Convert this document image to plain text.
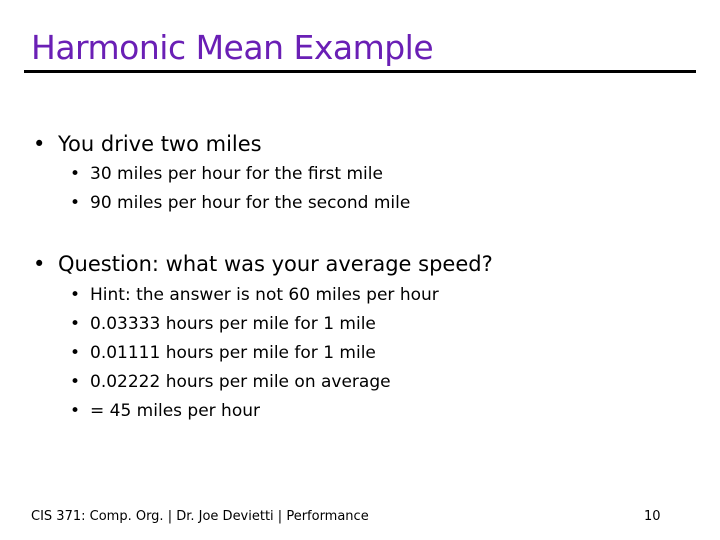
Harmonic Mean Example
• You drive two miles
• 30 miles per hour for the first mile
• 90 miles per hour for the second mile
• Question: what was your average speed?
• Hint: the answer is not 60 miles per hour
• 0.03333 hours per mile for 1 mile
• 0.01111 hours per mile for 1 mile
• 0.02222 hours per mile on average
• = 45 miles per hour
CIS 371: Comp. Org. | Dr. Joe Devietti | Performance	10
